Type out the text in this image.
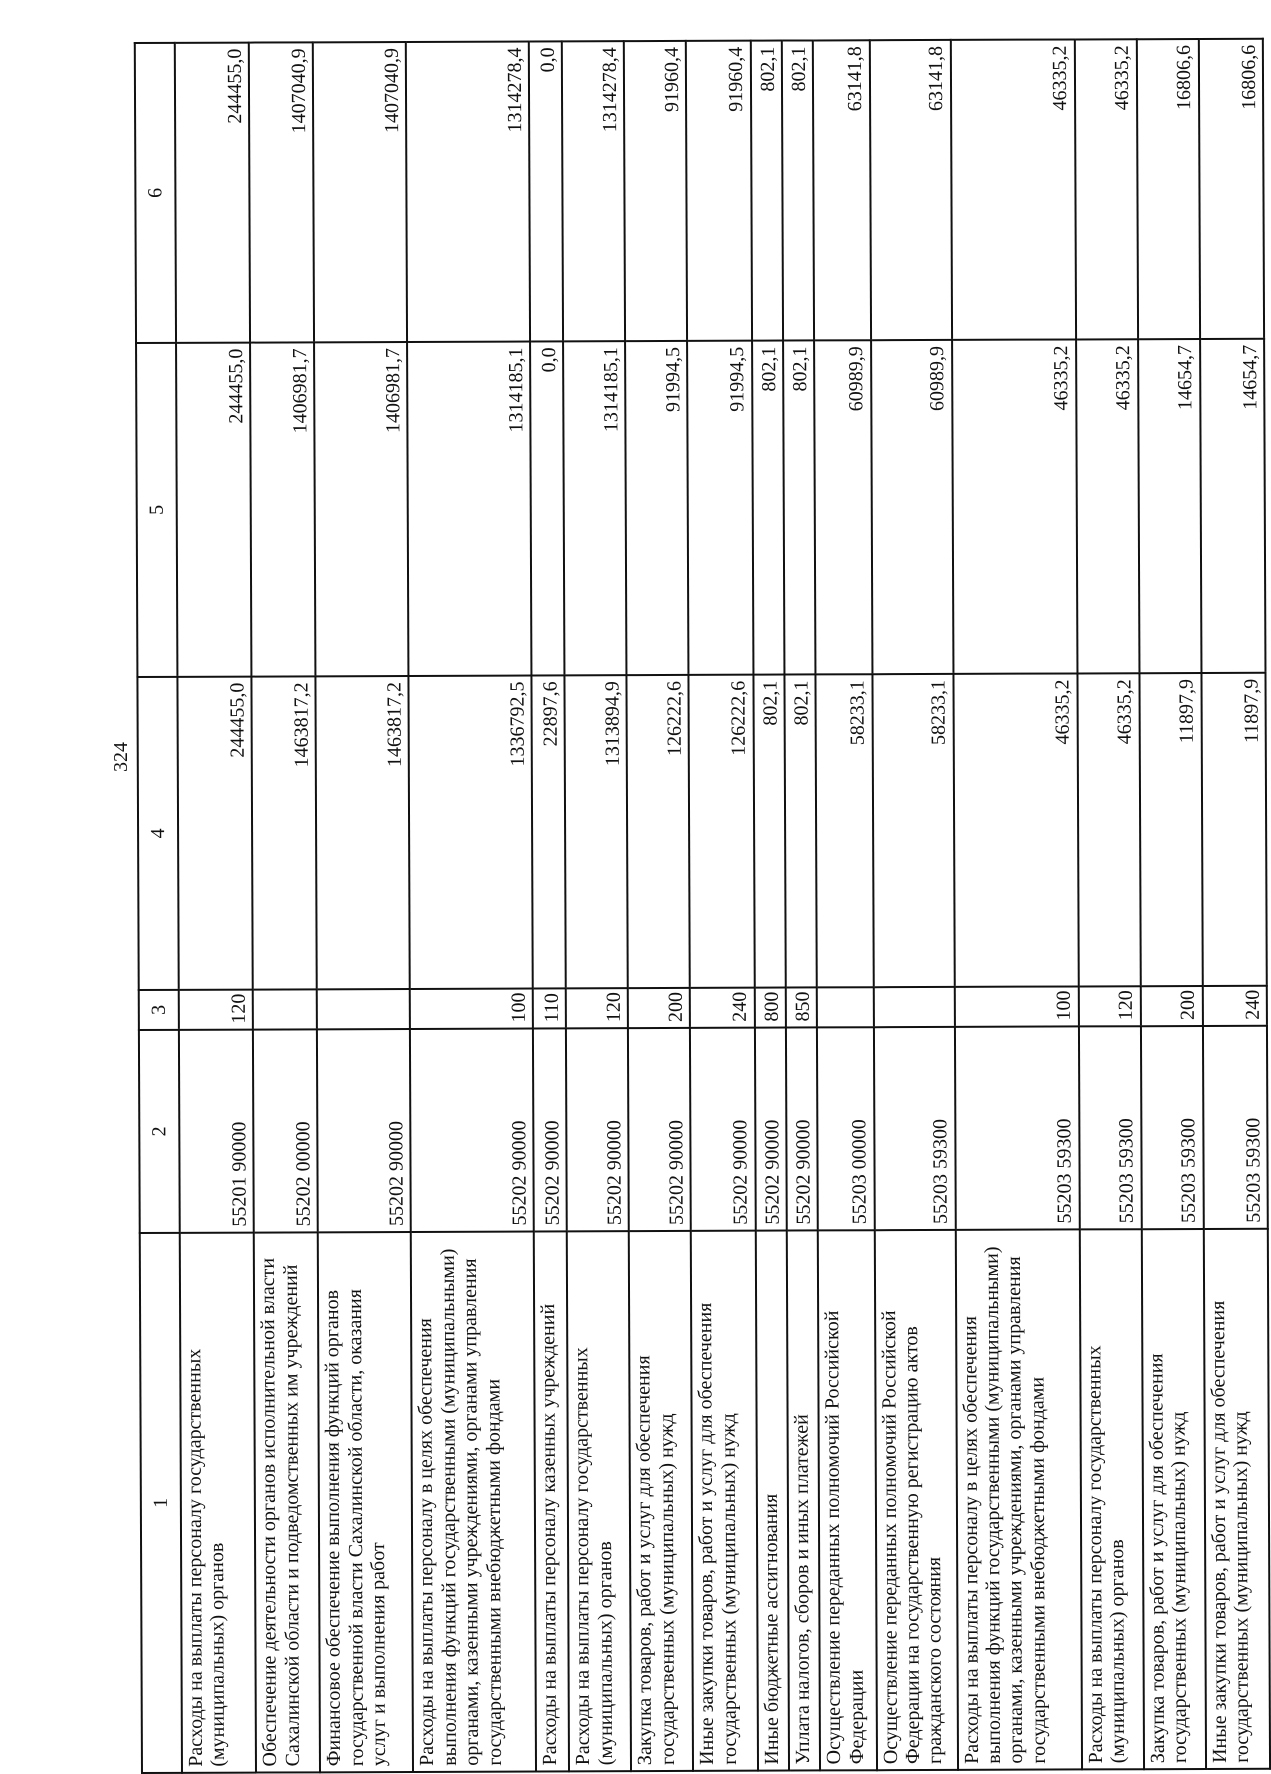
324
1	2	3	4	5	6
Расходы на выплаты персоналу государственных (муниципальных) органов	55201 90000	120	244455,0	244455,0	244455,0
Обеспечение деятельности органов исполнительной власти Сахалинской области и подведомственных им учреждений	55202 00000		1463817,2	1406981,7	1407040,9
Финансовое обеспечение выполнения функций органов государственной власти Сахалинской области, оказания услуг и выполнения работ	55202 90000		1463817,2	1406981,7	1407040,9
Расходы на выплаты персоналу в целях обеспечения выполнения функций государственными (муниципальными) органами, казенными учреждениями, органами управления государственными внебюджетными фондами	55202 90000	100	1336792,5	1314185,1	1314278,4
Расходы на выплаты персоналу казенных учреждений	55202 90000	110	22897,6	0,0	0,0
Расходы на выплаты персоналу государственных (муниципальных) органов	55202 90000	120	1313894,9	1314185,1	1314278,4
Закупка товаров, работ и услуг для обеспечения государственных (муниципальных) нужд	55202 90000	200	126222,6	91994,5	91960,4
Иные закупки товаров, работ и услуг для обеспечения государственных (муниципальных) нужд	55202 90000	240	126222,6	91994,5	91960,4
Иные бюджетные ассигнования	55202 90000	800	802,1	802,1	802,1
Уплата налогов, сборов и иных платежей	55202 90000	850	802,1	802,1	802,1
Осуществление переданных полномочий Российской Федерации	55203 00000		58233,1	60989,9	63141,8
Осуществление переданных полномочий Российской Федерации на государственную регистрацию актов гражданского состояния	55203 59300		58233,1	60989,9	63141,8
Расходы на выплаты персоналу в целях обеспечения выполнения функций государственными (муниципальными) органами, казенными учреждениями, органами управления государственными внебюджетными фондами	55203 59300	100	46335,2	46335,2	46335,2
Расходы на выплаты персоналу государственных (муниципальных) органов	55203 59300	120	46335,2	46335,2	46335,2
Закупка товаров, работ и услуг для обеспечения государственных (муниципальных) нужд	55203 59300	200	11897,9	14654,7	16806,6
Иные закупки товаров, работ и услуг для обеспечения государственных (муниципальных) нужд	55203 59300	240	11897,9	14654,7	16806,6
